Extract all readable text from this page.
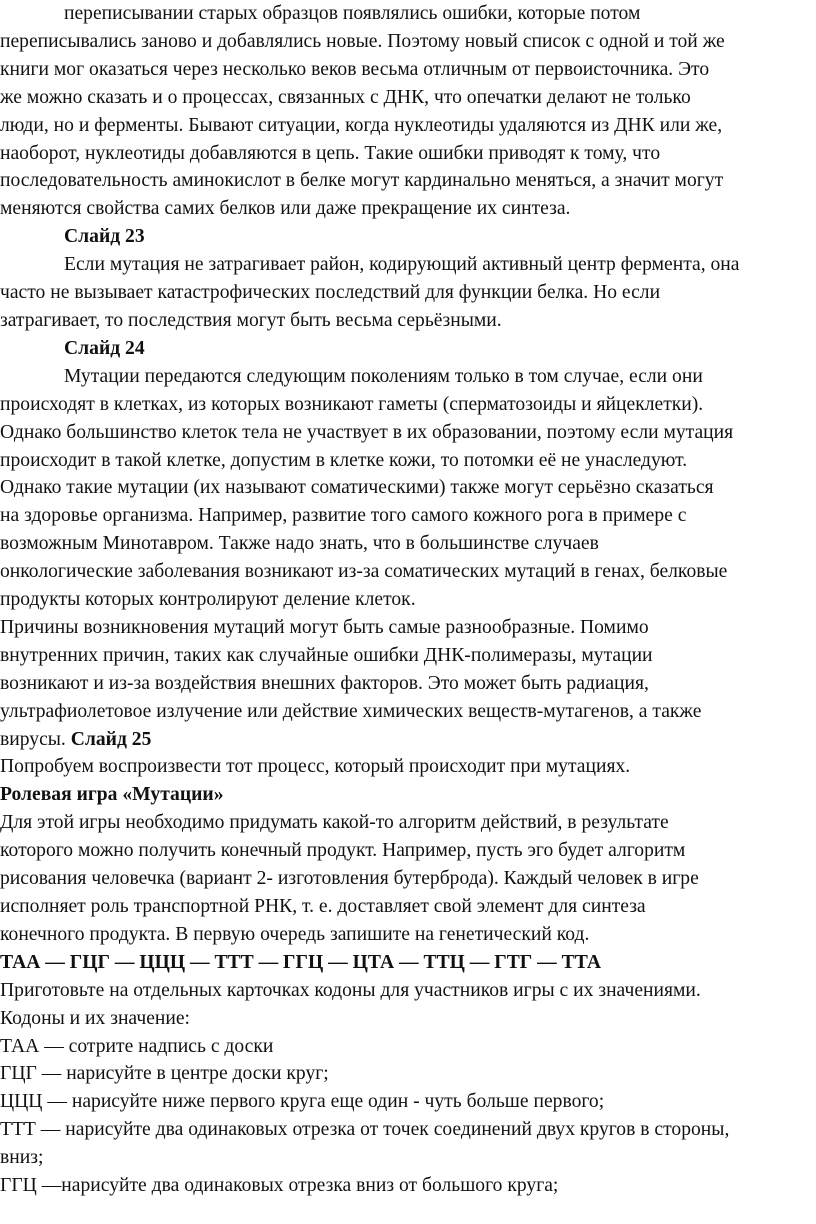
переписывании старых образцов появлялись ошибки, которые потом
переписывались заново и добавлялись новые. Поэтому новый список с одной и той же
книги мог оказаться через несколько веков весьма отличным от первоисточника. Это
же можно сказать и о процессах, связанных с ДНК, что опечатки делают не только
люди, но и ферменты. Бывают ситуации, когда нуклеотиды удаляются из ДНК или же,
наоборот, нуклеотиды добавляются в цепь. Такие ошибки приводят к тому, что
последовательность аминокислот в белке могут кардинально меняться, а значит могут
меняются свойства самих белков или даже прекращение их синтеза.
Слайд 23
Если мутация не затрагивает район, кодирующий активный центр фермента, она
часто не вызывает катастрофических последствий для функции белка. Но если
затрагивает, то последствия могут быть весьма серьёзными.
Слайд 24
Мутации передаются следующим поколениям только в том случае, если они
происходят в клетках, из которых возникают гаметы (сперматозоиды и яйцеклетки).
Однако большинство клеток тела не участвует в их образовании, поэтому если мутация
происходит в такой клетке, допустим в клетке кожи, то потомки её не унаследуют.
Однако такие мутации (их называют соматическими) также могут серьёзно сказаться
на здоровье организма. Например, развитие того самого кожного рога в примере с
возможным Минотавром. Также надо знать, что в большинстве случаев
онкологические заболевания возникают из-за соматических мутаций в генах, белковые
продукты которых контролируют деление клеток.
Причины возникновения мутаций могут быть самые разнообразные. Помимо
внутренних причин, таких как случайные ошибки ДНК-полимеразы, мутации
возникают и из-за воздействия внешних факторов. Это может быть радиация,
ультрафиолетовое излучение или действие химических веществ-мутагенов, а также
вирусы. Слайд 25
Попробуем воспроизвести тот процесс, который происходит при мутациях.
Ролевая игра «Мутации»
Для этой игры необходимо придумать какой-то алгоритм действий, в результате
которого можно получить конечный продукт. Например, пусть эго будет алгоритм
рисования человечка (вариант 2- изготовления бутерброда). Каждый человек в игре
исполняет роль транспортной РНК, т. е. доставляет свой элемент для синтеза
конечного продукта. В первую очередь запишите на генетический код.
ТАА — ГЦГ — ЦЦЦ — ТТТ — ГГЦ — ЦТА — ТТЦ — ГТГ — ТТА
Приготовьте на отдельных карточках кодоны для участников игры с их значениями.
Кодоны и их значение:
ТАА — сотрите надпись с доски
ГЦГ — нарисуйте в центре доски круг;
ЦЦЦ — нарисуйте ниже первого круга еще один - чуть больше первого;
ТТТ — нарисуйте два одинаковых отрезка от точек соединений двух кругов в стороны,
вниз;
ГГЦ —нарисуйте два одинаковых отрезка вниз от большого круга;
